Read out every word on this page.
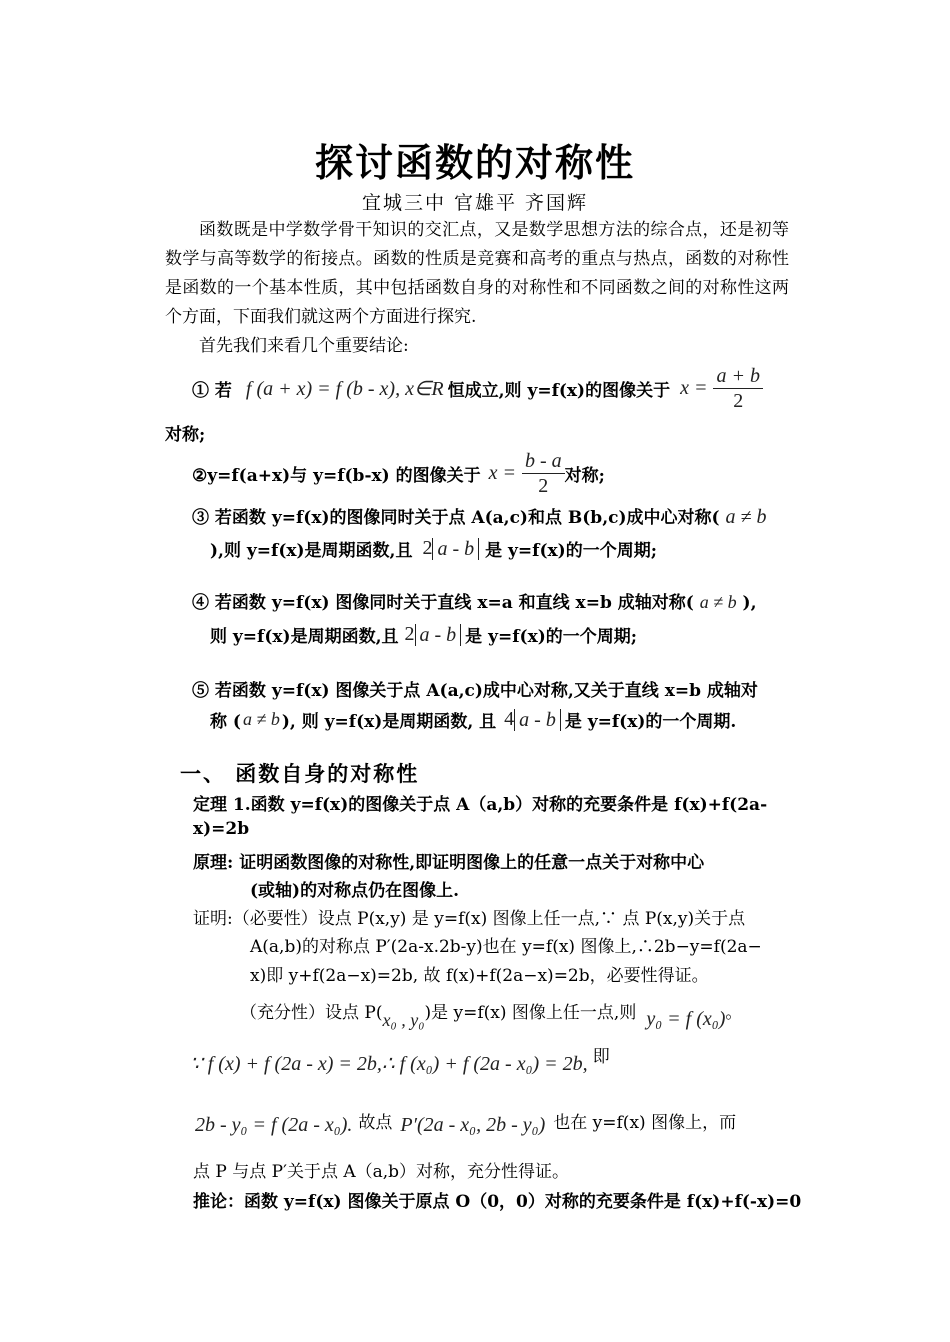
探讨函数的对称性
宜城三中 官雄平 齐国辉

函数既是中学数学骨干知识的交汇点，又是数学思想方法的综合点，还是初等数学与高等数学的衔接点。函数的性质是竞赛和高考的重点与热点，函数的对称性是函数的一个基本性质，其中包括函数自身的对称性和不同函数之间的对称性这两个方面，下面我们就这两个方面进行探究.

首先我们来看几个重要结论:

① 若 f (a + x) = f (b - x), x∈R 恒成立,则 y=f(x)的图像关于 $x = \frac{a + b}{2}$
对称;
②y=f(a+x)与 y=f(b-x) 的图像关于 $x = \frac{b - a}{2}$ 对称;
③ 若函数 y=f(x)的图像同时关于点 A(a,c)和点 B(b,c)成中心对称( a ≠ b
),则 y=f(x)是周期函数,且 2 a - b 是 y=f(x)的一个周期;
④ 若函数 y=f(x) 图像同时关于直线 x=a 和直线 x=b 成轴对称( a ≠ b ),
则 y=f(x)是周期函数,且 2 a - b 是 y=f(x)的一个周期;
⑤ 若函数 y=f(x) 图像关于点 A(a,c)成中心对称,又关于直线 x=b 成轴对
称 ( a ≠ b ), 则 y=f(x)是周期函数, 且 4 a - b 是 y=f(x)的一个周期.
一、 函数自身的对称性
定理 1.函数 y=f(x)的图像关于点 A（a,b）对称的充要条件是 f(x)+f(2a-
x)=2b
原理: 证明函数图像的对称性,即证明图像上的任意一点关于对称中心
(或轴)的对称点仍在图像上.
证明:（必要性）设点 P(x,y) 是 y=f(x) 图像上任一点,∵ 点 P(x,y)关于点
A(a,b)的对称点 P′(2a-x.2b-y)也在 y=f(x) 图像上,∴2b−y=f(2a−
x)即 y+f(2a−x)=2b, 故 f(x)+f(2a−x)=2b，必要性得证。
（充分性）设点 P( x₀ , y₀ )是 y=f(x) 图像上任一点,则 y₀ = f (x₀) 。
∵ f (x) + f (2a - x) = 2b,∴ f (x₀) + f (2a - x₀) = 2b, 即
2b - y₀ = f (2a - x₀). 故点 P′(2a - x₀, 2b - y₀) 也在 y=f(x) 图像上，而
点 P 与点 P′关于点 A（a,b）对称，充分性得证。
推论：函数 y=f(x) 图像关于原点 O（0，0）对称的充要条件是 f(x)+f(-x)=0
